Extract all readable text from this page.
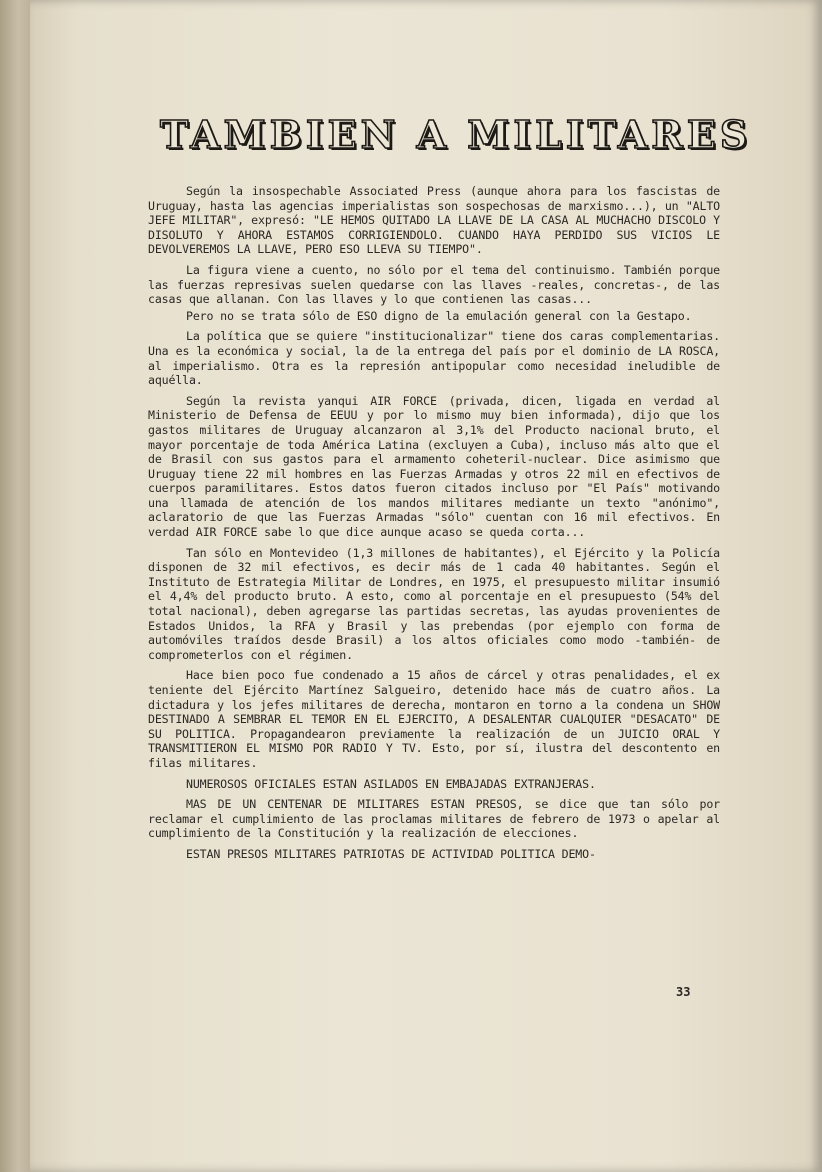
TAMBIEN A MILITARES

Según la insospechable Associated Press (aunque ahora para los fascistas de Uruguay, hasta las agencias imperialistas son sospechosas de marxismo...), un "ALTO JEFE MILITAR", expresó: "LE HEMOS QUITADO LA LLAVE DE LA CASA AL MUCHACHO DISCOLO Y DISOLUTO Y AHORA ESTAMOS CORRIGIENDOLO. CUANDO HAYA PERDIDO SUS VICIOS LE DEVOLVEREMOS LA LLAVE, PERO ESO LLEVA SU TIEMPO".

La figura viene a cuento, no sólo por el tema del continuismo. También porque las fuerzas represivas suelen quedarse con las llaves -reales, concretas-, de las casas que allanan. Con las llaves y lo que contienen las casas...

Pero no se trata sólo de ESO digno de la emulación general con la Gestapo.

La política que se quiere "institucionalizar" tiene dos caras complementarias. Una es la económica y social, la de la entrega del país por el dominio de LA ROSCA, al imperialismo. Otra es la represión antipopular como necesidad ineludible de aquélla.

Según la revista yanqui AIR FORCE (privada, dicen, ligada en verdad al Ministerio de Defensa de EEUU y por lo mismo muy bien informada), dijo que los gastos militares de Uruguay alcanzaron al 3,1% del Producto nacional bruto, el mayor porcentaje de toda América Latina (excluyen a Cuba), incluso más alto que el de Brasil con sus gastos para el armamento coheteril-nuclear. Dice asimismo que Uruguay tiene 22 mil hombres en las Fuerzas Armadas y otros 22 mil en efectivos de cuerpos paramilitares. Estos datos fueron citados incluso por "El País" motivando una llamada de atención de los mandos militares mediante un texto "anónimo", aclaratorio de que las Fuerzas Armadas "sólo" cuentan con 16 mil efectivos. En verdad AIR FORCE sabe lo que dice aunque acaso se queda corta...

Tan sólo en Montevideo (1,3 millones de habitantes), el Ejército y la Policía disponen de 32 mil efectivos, es decir más de 1 cada 40 habitantes. Según el Instituto de Estrategia Militar de Londres, en 1975, el presupuesto militar insumió el 4,4% del producto bruto. A esto, como al porcentaje en el presupuesto (54% del total nacional), deben agregarse las partidas secretas, las ayudas provenientes de Estados Unidos, la RFA y Brasil y las prebendas (por ejemplo con forma de automóviles traídos desde Brasil) a los altos oficiales como modo -también- de comprometerlos con el régimen.

Hace bien poco fue condenado a 15 años de cárcel y otras penalidades, el ex teniente del Ejército Martínez Salgueiro, detenido hace más de cuatro años. La dictadura y los jefes militares de derecha, montaron en torno a la condena un SHOW DESTINADO A SEMBRAR EL TEMOR EN EL EJERCITO, A DESALENTAR CUALQUIER "DESACATO" DE SU POLITICA. Propagandearon previamente la realización de un JUICIO ORAL Y TRANSMITIERON EL MISMO POR RADIO Y TV. Esto, por sí, ilustra del descontento en filas militares.

NUMEROSOS OFICIALES ESTAN ASILADOS EN EMBAJADAS EXTRANJERAS.

MAS DE UN CENTENAR DE MILITARES ESTAN PRESOS, se dice que tan sólo por reclamar el cumplimiento de las proclamas militares de febrero de 1973 o apelar al cumplimiento de la Constitución y la realización de elecciones.

ESTAN PRESOS MILITARES PATRIOTAS DE ACTIVIDAD POLITICA DEMO-

33
